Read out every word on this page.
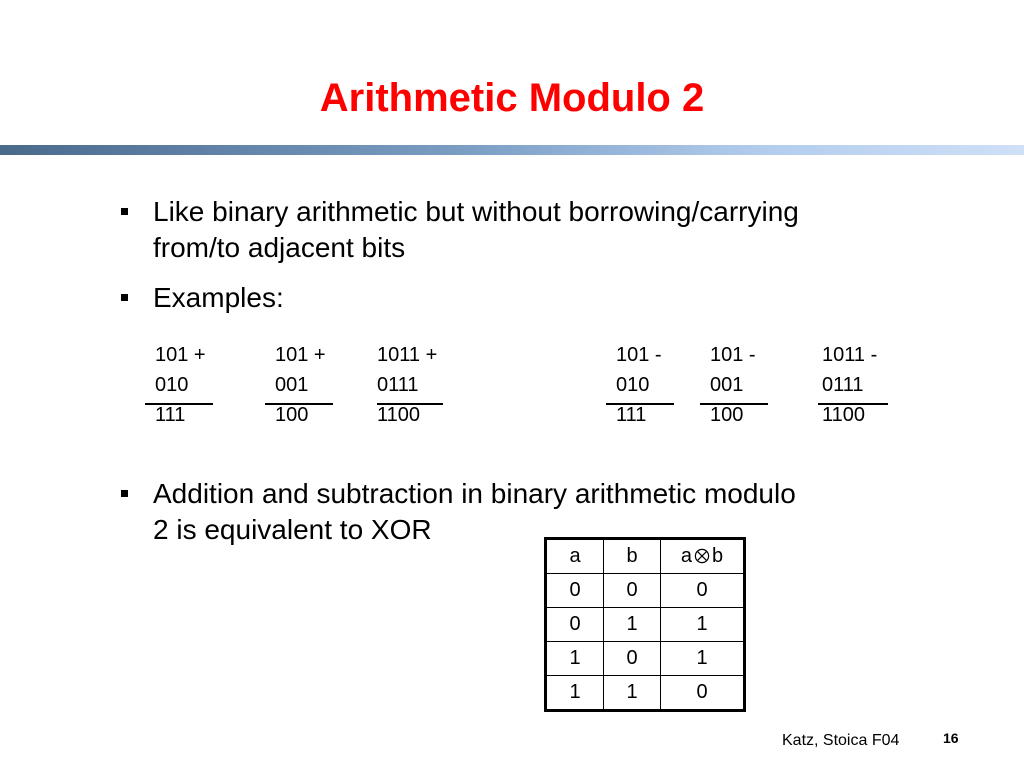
Arithmetic Modulo 2
Like binary arithmetic but without borrowing/carrying
from/to adjacent bits
Examples:

101 +

010

111

101 +

001

100

1011 +

0111

1100

101 -

010

111

101 -

001

100

1011 -

0111

1100

Addition and subtraction in binary arithmetic modulo
2 is equivalent to XOR
a	b	a b
0	0	0
0	1	1
1	0	1
1	1	0
Katz, Stoica F04	16
